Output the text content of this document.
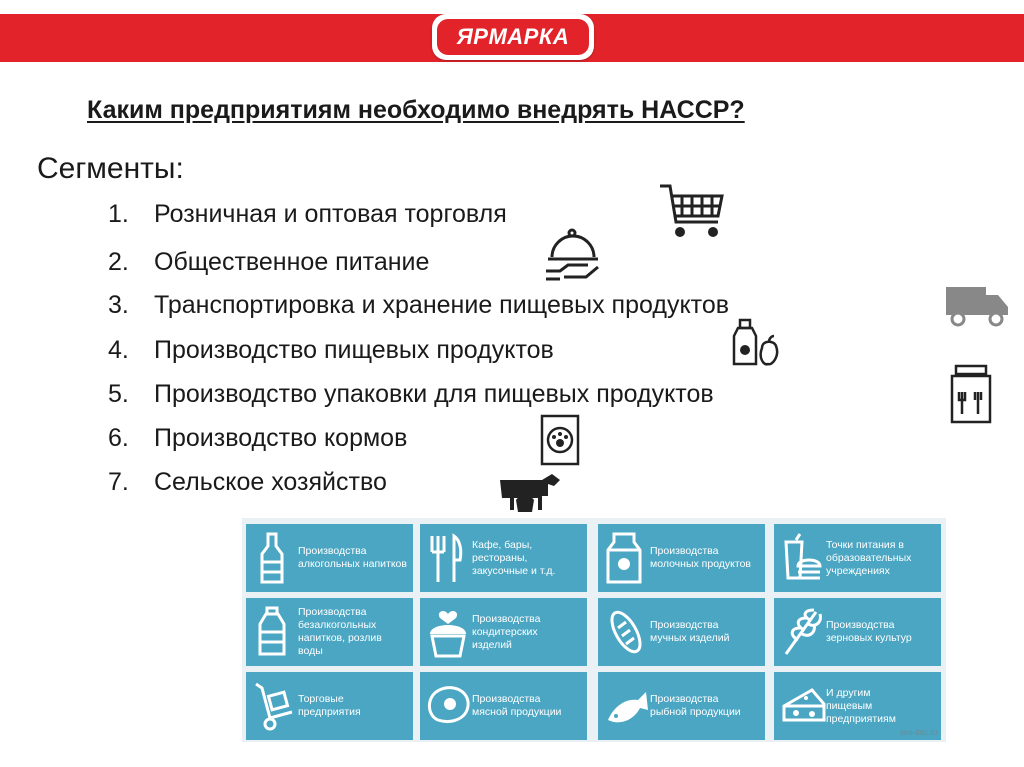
ЯРМАРКА
Каким предприятиям необходимо внедрять НАССР?
Сегменты:
1. Розничная и оптовая торговля
2. Общественное питание
3. Транспортировка и хранение пищевых продуктов
4. Производство пищевых продуктов
5. Производство упаковки для пищевых продуктов
6. Производство кормов
7. Сельское хозяйство
Производства
алкогольных напитков
Кафе, бары,
рестораны,
закусочные и т.д.
Производства
молочных продуктов
Точки питания в
образовательных
учреждениях
Производства
безалкогольных
напитков, розлив
воды
Производства
кондитерских
изделий
Производства
мучных изделий
Производства
зерновых культур
Торговые
предприятия
Производства
мясной продукции
Производства
рыбной продукции
И другим
пищевым
предприятиям
ses-doc.ru
